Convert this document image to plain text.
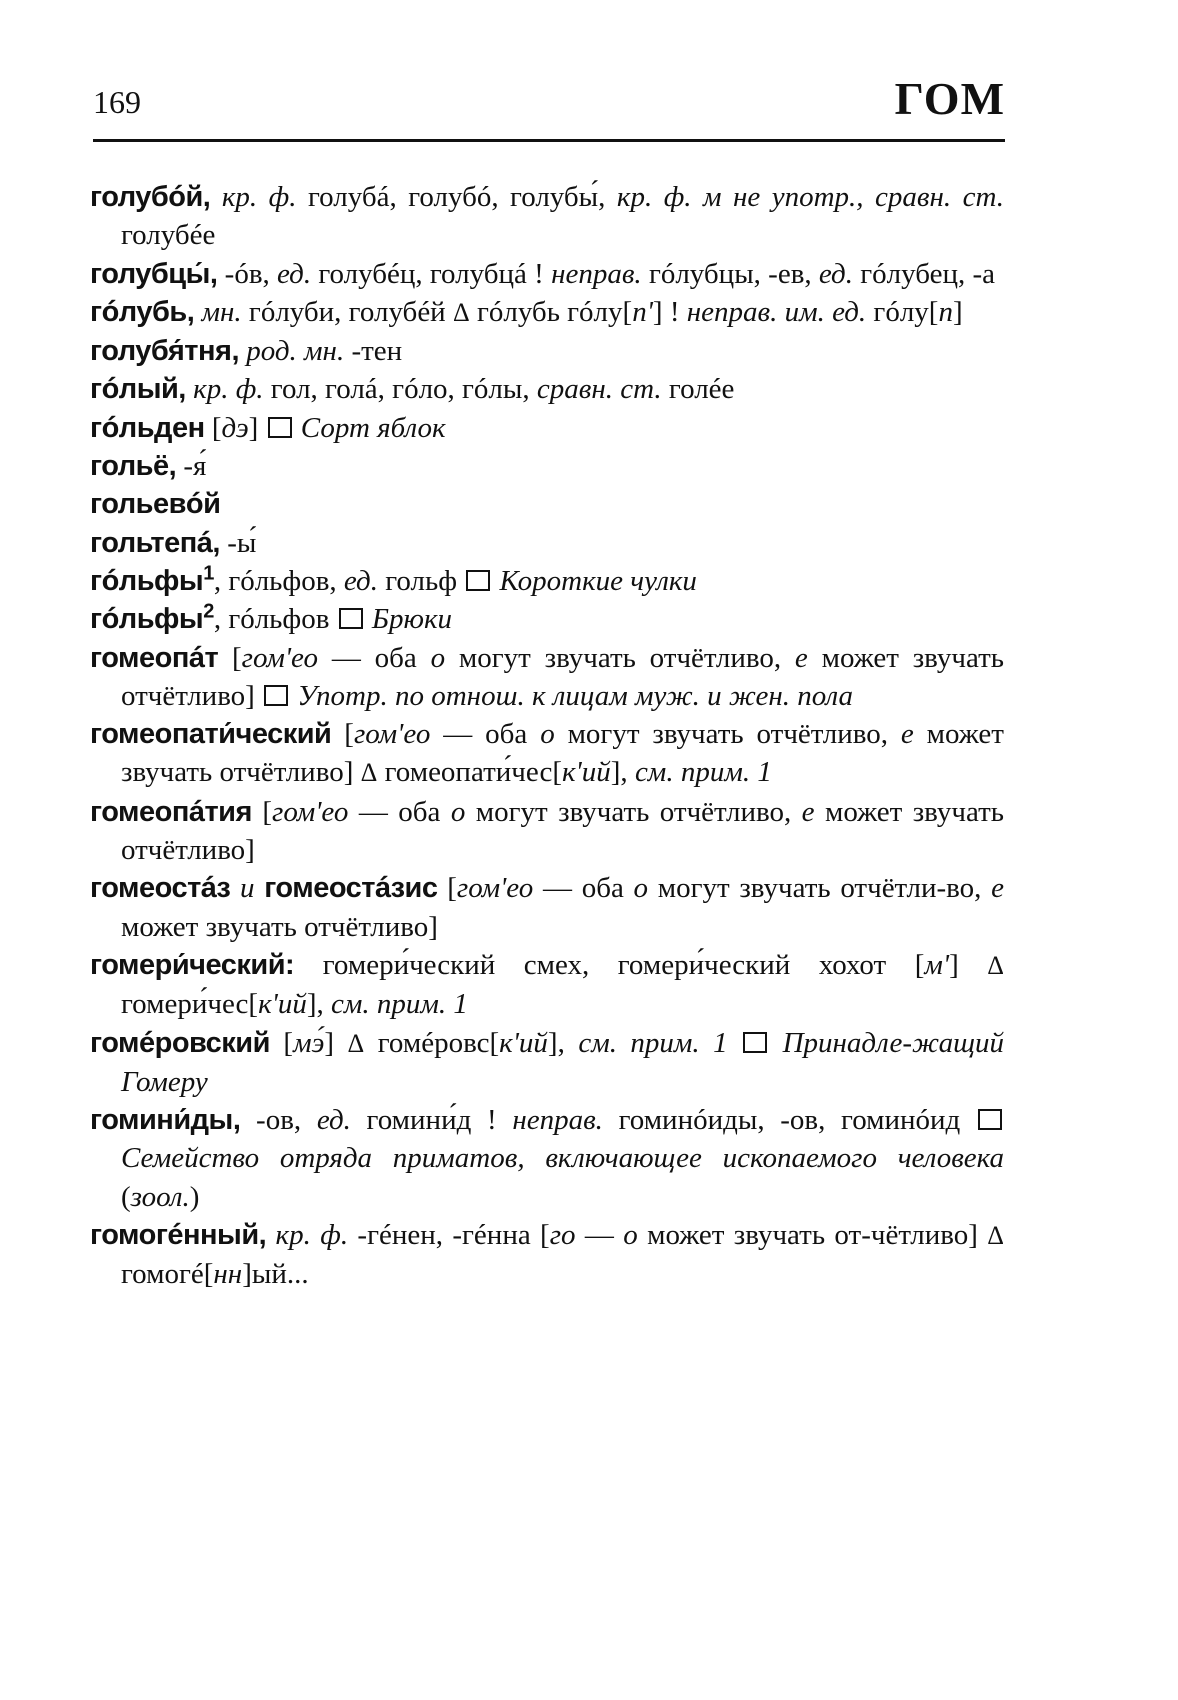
169	ГОМ
голубóй, кр. ф. голубá, голубó, голубы́, кр. ф. м не употр., сравн. ст. голубéе
голубцы́, -óв, ед. голубéц, голубцá ! неправ. гóлубцы, -ев, ед. гóлубец, -а
гóлубь, мн. гóлуби, голубéй Δ гóлубь гóлу[п'] ! неправ. им. ед. гóлу[п]
голубя́тня, род. мн. -тен
гóлый, кр. ф. гол, голá, гóло, гóлы, сравн. ст. голéе
гóльден [дэ]  Сорт яблок
гольё, -я́
гольевóй
гольтепá, -ы́
гóльфы$^1$, гóльфов, ед. гольф  Короткие чулки
гóльфы$^2$, гóльфов  Брюки
гомеопáт [гом'ео — оба о могут звучать отчётливо, е может звучать отчётливо]  Употр. по отнош. к лицам муж. и жен. пола
гомеопати́ческий [гом'ео — оба о могут звучать отчётливо, е может звучать отчётливо] Δ гомеопати́чес[к'ий], см. прим. 1
гомеопáтия [гом'ео — оба о могут звучать отчётливо, е может звучать отчётливо]
гомеостáз и гомеостáзис [гом'ео — оба о могут звучать отчётли-во, е может звучать отчётливо]
гомери́ческий: гомери́ческий смех, гомери́ческий хохот [м'] Δ гомери́чес[к'ий], см. прим. 1
гомéровский [мэ́] Δ гомéровс[к'ий], см. прим. 1  Принадле-жащий Гомеру
гомини́ды, -ов, ед. гомини́д ! неправ. гоминóиды, -ов, гоминóид  Семейство отряда приматов, включающее ископаемого человека (зоол.)
гомогéнный, кр. ф. -гéнен, -гéнна [го — о может звучать от-чётливо] Δ гомогé[нн]ый...
